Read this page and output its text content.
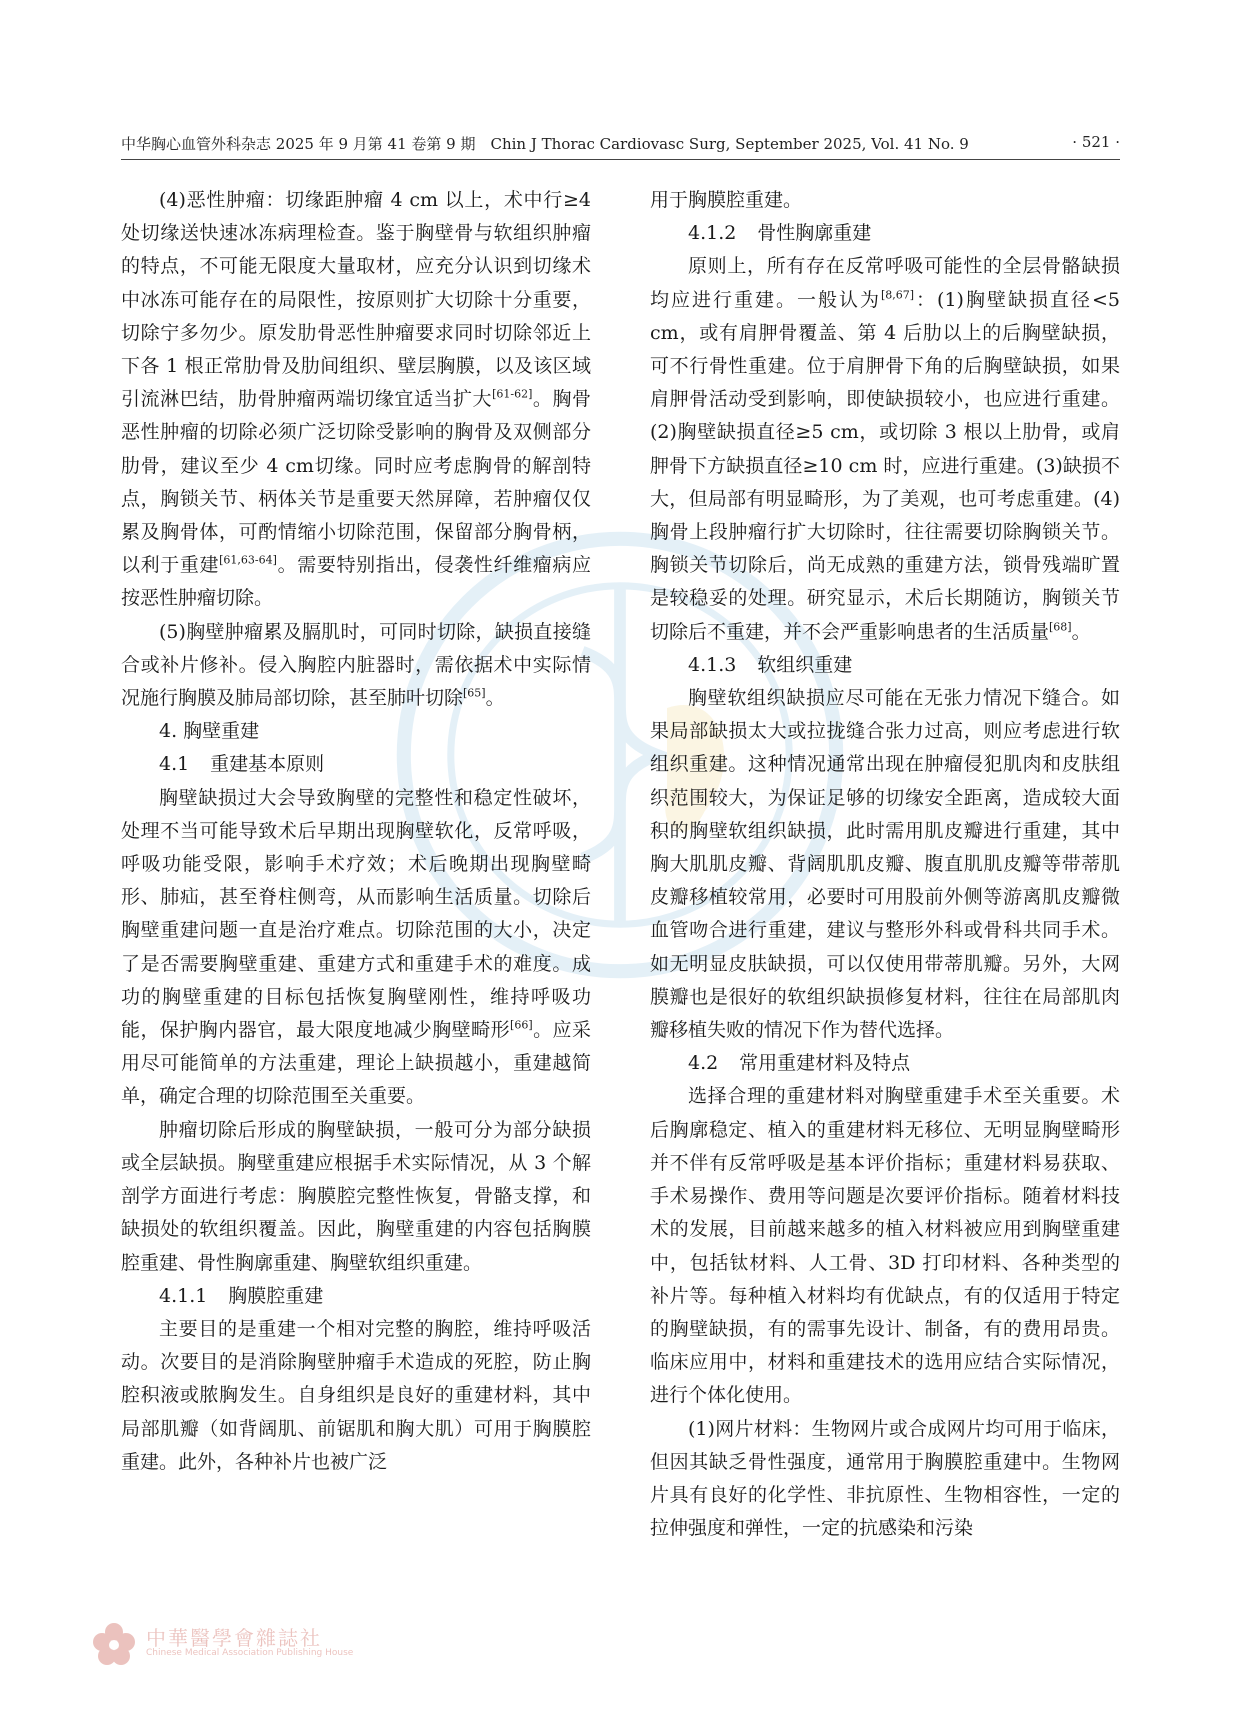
中华胸心血管外科杂志 2025 年 9 月第 41 卷第 9 期　Chin J Thorac Cardiovasc Surg, September 2025, Vol. 41 No. 9	· 521 ·

(4)恶性肿瘤：切缘距肿瘤 4 cm 以上，术中行≥4 处切缘送快速冰冻病理检查。鉴于胸壁骨与软组织肿瘤的特点，不可能无限度大量取材，应充分认识到切缘术中冰冻可能存在的局限性，按原则扩大切除十分重要，切除宁多勿少。原发肋骨恶性肿瘤要求同时切除邻近上下各 1 根正常肋骨及肋间组织、壁层胸膜，以及该区域引流淋巴结，肋骨肿瘤两端切缘宜适当扩大[61-62]。胸骨恶性肿瘤的切除必须广泛切除受影响的胸骨及双侧部分肋骨，建议至少 4 cm切缘。同时应考虑胸骨的解剖特点，胸锁关节、柄体关节是重要天然屏障，若肿瘤仅仅累及胸骨体，可酌情缩小切除范围，保留部分胸骨柄，以利于重建[61,63-64]。需要特别指出，侵袭性纤维瘤病应按恶性肿瘤切除。

(5)胸壁肿瘤累及膈肌时，可同时切除，缺损直接缝合或补片修补。侵入胸腔内脏器时，需依据术中实际情况施行胸膜及肺局部切除，甚至肺叶切除[65]。

4. 胸壁重建
4.1 重建基本原则

胸壁缺损过大会导致胸壁的完整性和稳定性破坏，处理不当可能导致术后早期出现胸壁软化，反常呼吸，呼吸功能受限，影响手术疗效；术后晚期出现胸壁畸形、肺疝，甚至脊柱侧弯，从而影响生活质量。切除后胸壁重建问题一直是治疗难点。切除范围的大小，决定了是否需要胸壁重建、重建方式和重建手术的难度。成功的胸壁重建的目标包括恢复胸壁刚性，维持呼吸功能，保护胸内器官，最大限度地减少胸壁畸形[66]。应采用尽可能简单的方法重建，理论上缺损越小，重建越简单，确定合理的切除范围至关重要。

肿瘤切除后形成的胸壁缺损，一般可分为部分缺损或全层缺损。胸壁重建应根据手术实际情况，从 3 个解剖学方面进行考虑：胸膜腔完整性恢复，骨骼支撑，和缺损处的软组织覆盖。因此，胸壁重建的内容包括胸膜腔重建、骨性胸廓重建、胸壁软组织重建。

4.1.1 胸膜腔重建

主要目的是重建一个相对完整的胸腔，维持呼吸活动。次要目的是消除胸壁肿瘤手术造成的死腔，防止胸腔积液或脓胸发生。自身组织是良好的重建材料，其中局部肌瓣（如背阔肌、前锯肌和胸大肌）可用于胸膜腔重建。此外，各种补片也被广泛

用于胸膜腔重建。

4.1.2 骨性胸廓重建

原则上，所有存在反常呼吸可能性的全层骨骼缺损均应进行重建。一般认为[8,67]：(1)胸壁缺损直径<5 cm，或有肩胛骨覆盖、第 4 后肋以上的后胸壁缺损，可不行骨性重建。位于肩胛骨下角的后胸壁缺损，如果肩胛骨活动受到影响，即使缺损较小，也应进行重建。(2)胸壁缺损直径≥5 cm，或切除 3 根以上肋骨，或肩胛骨下方缺损直径≥10 cm 时，应进行重建。(3)缺损不大，但局部有明显畸形，为了美观，也可考虑重建。(4)胸骨上段肿瘤行扩大切除时，往往需要切除胸锁关节。胸锁关节切除后，尚无成熟的重建方法，锁骨残端旷置是较稳妥的处理。研究显示，术后长期随访，胸锁关节切除后不重建，并不会严重影响患者的生活质量[68]。

4.1.3 软组织重建

胸壁软组织缺损应尽可能在无张力情况下缝合。如果局部缺损太大或拉拢缝合张力过高，则应考虑进行软组织重建。这种情况通常出现在肿瘤侵犯肌肉和皮肤组织范围较大，为保证足够的切缘安全距离，造成较大面积的胸壁软组织缺损，此时需用肌皮瓣进行重建，其中胸大肌肌皮瓣、背阔肌肌皮瓣、腹直肌肌皮瓣等带蒂肌皮瓣移植较常用，必要时可用股前外侧等游离肌皮瓣微血管吻合进行重建，建议与整形外科或骨科共同手术。如无明显皮肤缺损，可以仅使用带蒂肌瓣。另外，大网膜瓣也是很好的软组织缺损修复材料，往往在局部肌肉瓣移植失败的情况下作为替代选择。

4.2 常用重建材料及特点

选择合理的重建材料对胸壁重建手术至关重要。术后胸廓稳定、植入的重建材料无移位、无明显胸壁畸形并不伴有反常呼吸是基本评价指标；重建材料易获取、手术易操作、费用等问题是次要评价指标。随着材料技术的发展，目前越来越多的植入材料被应用到胸壁重建中，包括钛材料、人工骨、3D 打印材料、各种类型的补片等。每种植入材料均有优缺点，有的仅适用于特定的胸壁缺损，有的需事先设计、制备，有的费用昂贵。临床应用中，材料和重建技术的选用应结合实际情况，进行个体化使用。

(1)网片材料：生物网片或合成网片均可用于临床，但因其缺乏骨性强度，通常用于胸膜腔重建中。生物网片具有良好的化学性、非抗原性、生物相容性，一定的拉伸强度和弹性，一定的抗感染和污染

中華醫學會雜誌社
Chinese Medical Association Publishing House
